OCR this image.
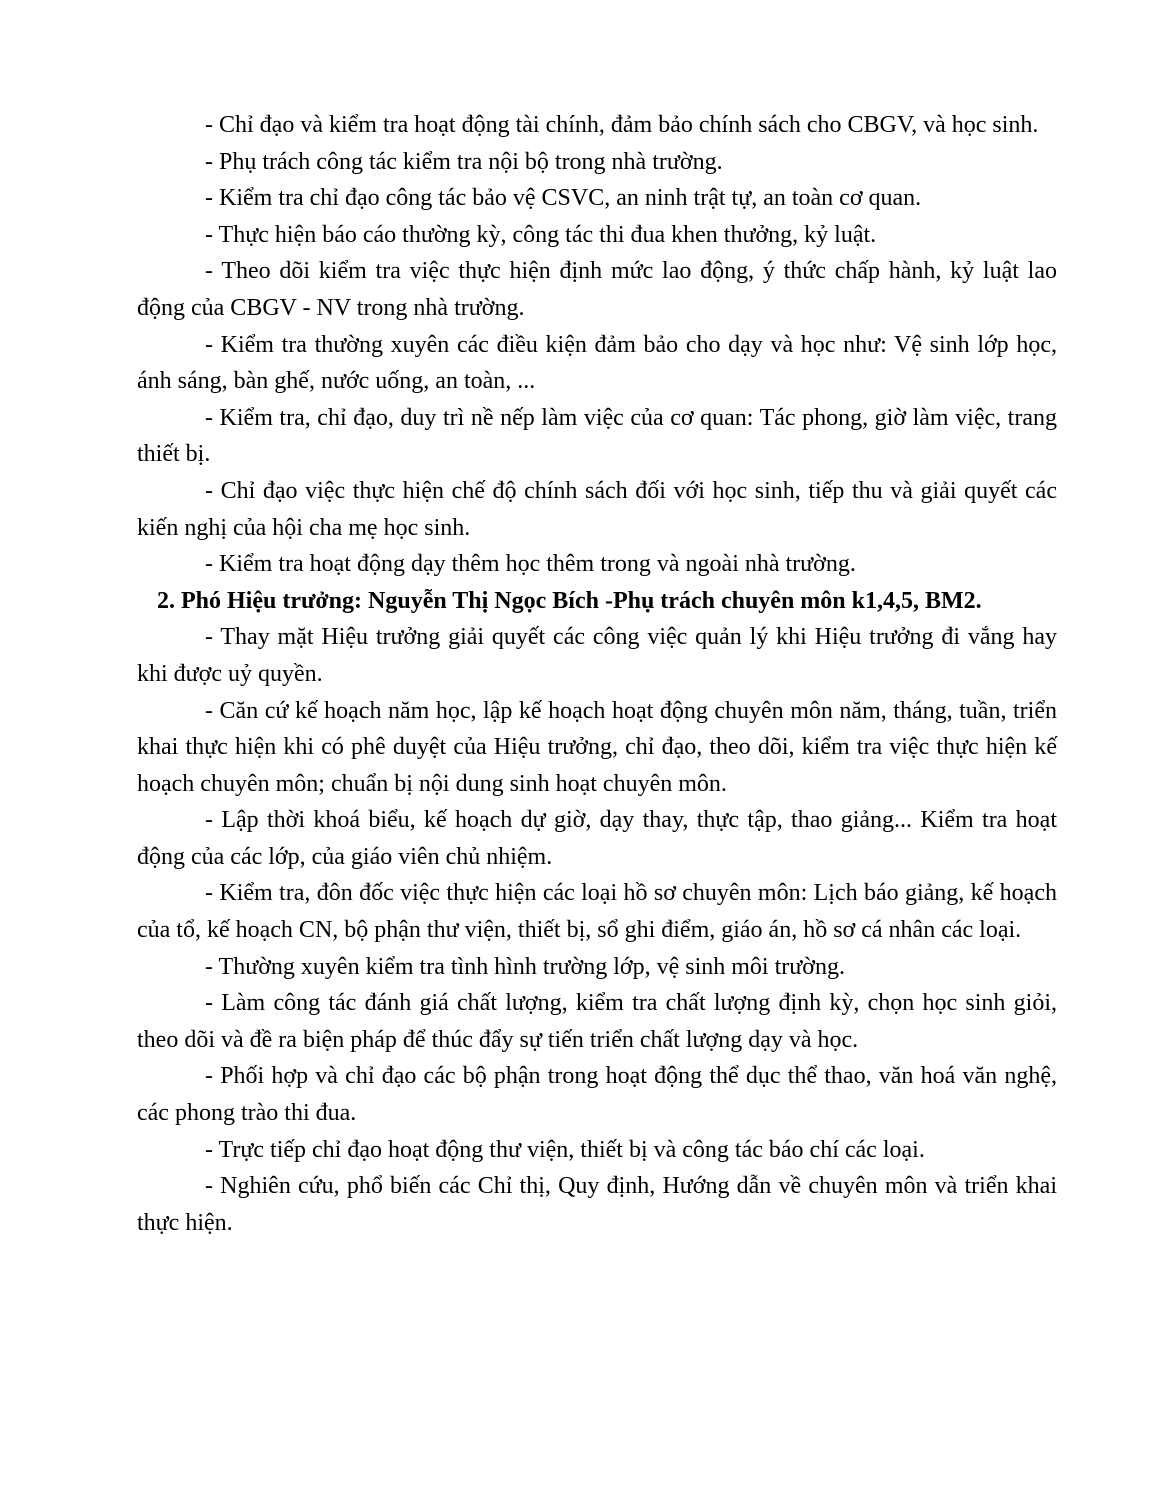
- Chỉ đạo và kiểm tra hoạt động tài chính, đảm bảo chính sách cho CBGV, và học sinh.

- Phụ trách công tác kiểm tra nội bộ trong nhà trường.

- Kiểm tra chỉ đạo công tác bảo vệ CSVC, an ninh trật tự, an toàn cơ quan.

- Thực hiện báo cáo thường kỳ, công tác thi đua khen thưởng, kỷ luật.

- Theo dõi kiểm tra việc thực hiện định mức lao động, ý thức chấp hành, kỷ luật lao động của CBGV - NV trong nhà trường.

- Kiểm tra thường xuyên các điều kiện đảm bảo cho dạy và học như: Vệ sinh lớp học, ánh sáng, bàn ghế, nước uống, an toàn, ...

- Kiểm tra, chỉ đạo, duy trì nề nếp làm việc của cơ quan: Tác phong, giờ làm việc, trang thiết bị.

- Chỉ đạo việc thực hiện chế độ chính sách đối với học sinh, tiếp thu và giải quyết các kiến nghị của hội cha mẹ học sinh.

- Kiểm tra hoạt động dạy thêm học thêm trong và ngoài nhà trường.

2. Phó Hiệu trưởng: Nguyễn Thị Ngọc Bích -Phụ trách chuyên môn k1,4,5, BM2.

- Thay mặt Hiệu trưởng giải quyết các công việc quản lý khi Hiệu trưởng đi vắng hay khi được uỷ quyền.

- Căn cứ kế hoạch năm học, lập kế hoạch hoạt động chuyên môn năm, tháng, tuần, triển khai thực hiện khi có phê duyệt của Hiệu trưởng, chỉ đạo, theo dõi, kiểm tra việc thực hiện kế hoạch chuyên môn; chuẩn bị nội dung sinh hoạt chuyên môn.

- Lập thời khoá biểu, kế hoạch dự giờ, dạy thay, thực tập, thao giảng... Kiểm tra hoạt động của các lớp, của giáo viên chủ nhiệm.

- Kiểm tra, đôn đốc việc thực hiện các loại hồ sơ chuyên môn: Lịch báo giảng, kế hoạch của tổ, kế hoạch CN, bộ phận thư viện, thiết bị, sổ ghi điểm, giáo án, hồ sơ cá nhân các loại.

- Thường xuyên kiểm tra tình hình trường lớp, vệ sinh môi trường.

- Làm công tác đánh giá chất lượng, kiểm tra chất lượng định kỳ, chọn học sinh giỏi, theo dõi và đề ra biện pháp để thúc đẩy sự tiến triển chất lượng dạy và học.

- Phối hợp và chỉ đạo các bộ phận trong hoạt động thể dục thể thao, văn hoá văn nghệ, các phong trào thi đua.

- Trực tiếp chỉ đạo hoạt động thư viện, thiết bị và công tác báo chí các loại.

- Nghiên cứu, phổ biến các Chỉ thị, Quy định, Hướng dẫn về chuyên môn và triển khai thực hiện.
